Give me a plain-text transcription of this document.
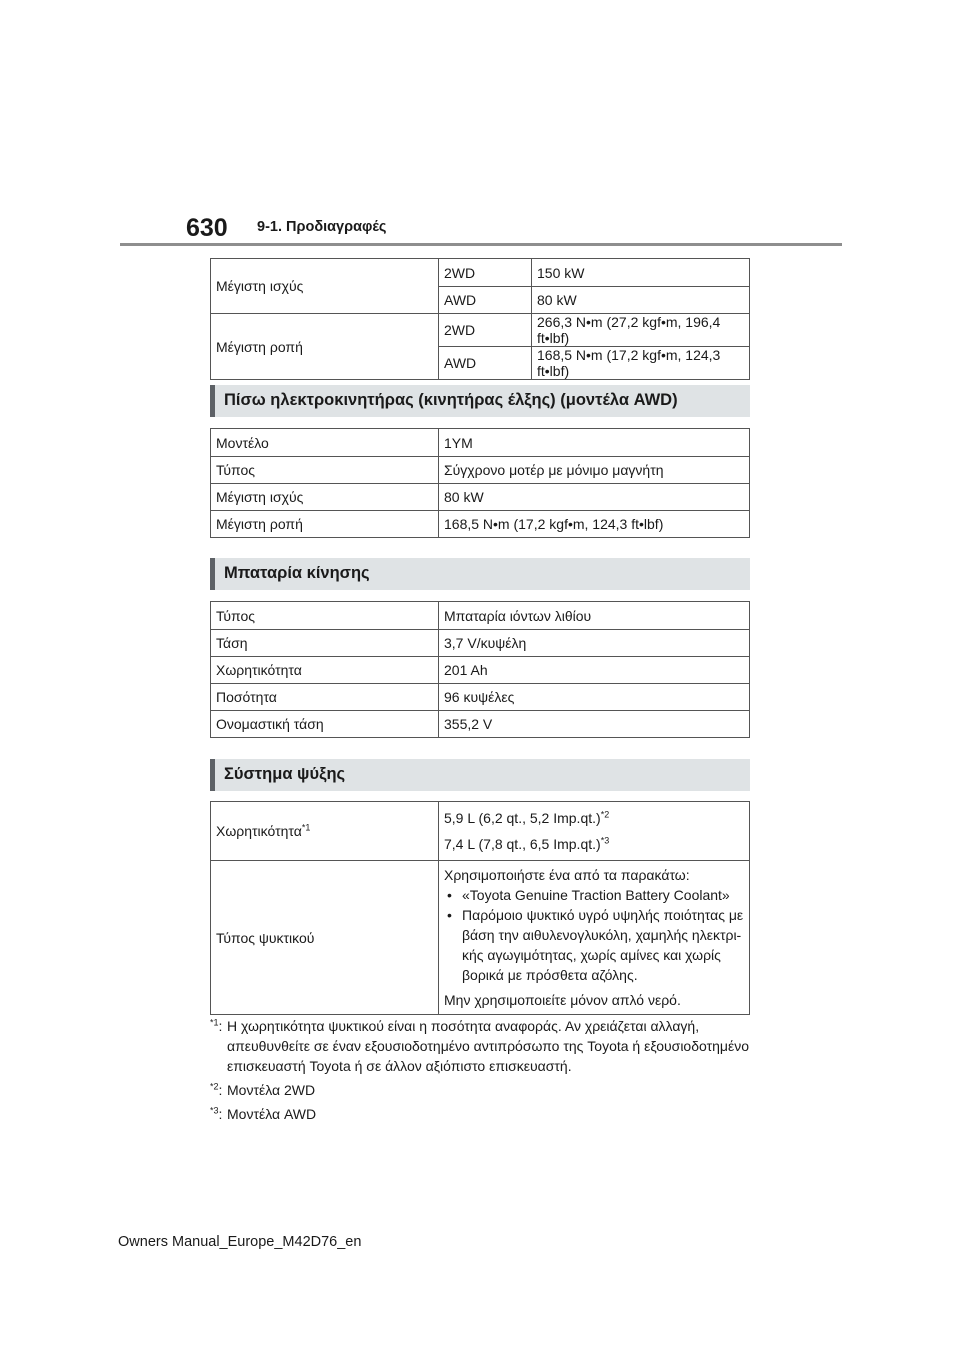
630 9-1. Προδιαγραφές
Μέγιστη ισχύς	2WD	150 kW
	AWD	80 kW
Μέγιστη ροπή	2WD	266,3 N•m (27,2 kgf•m, 196,4 ft•lbf)
	AWD	168,5 N•m (17,2 kgf•m, 124,3 ft•lbf)
Πίσω ηλεκτροκινητήρας (κινητήρας έλξης) (μοντέλα AWD)
Μοντέλο	1YM
Τύπος	Σύγχρονο μοτέρ με μόνιμο μαγνήτη
Μέγιστη ισχύς	80 kW
Μέγιστη ροπή	168,5 N•m (17,2 kgf•m, 124,3 ft•lbf)
Μπαταρία κίνησης
Τύπος	Μπαταρία ιόντων λιθίου
Τάση	3,7 V/κυψέλη
Χωρητικότητα	201 Ah
Ποσότητα	96 κυψέλες
Ονομαστική τάση	355,2 V
Σύστημα ψύξης
Χωρητικότητα$^{*1}$	5,9 L (6,2 qt., 5,2 Imp.qt.)$^{*2}$
7,4 L (7,8 qt., 6,5 Imp.qt.)$^{*3}$

Τύπος ψυκτικού	Χρησιμοποιήστε ένα από τα παρακάτω:
• «Toyota Genuine Traction Battery Coolant»
• Παρόμοιο ψυκτικό υγρό υψηλής ποιότητας με βάση την αιθυλενογλυκόλη, χαμηλής ηλεκτρι- κής αγωγιμότητας, χωρίς αμίνες και χωρίς βορικά με πρόσθετα αζόλης.
Μην χρησιμοποιείτε μόνον απλό νερό.
$^{*1}$: Η χωρητικότητα ψυκτικού είναι η ποσότητα αναφοράς. Αν χρειάζεται αλλαγή, απευθυνθείτε σε έναν εξουσιοδοτημένο αντιπρόσωπο της Toyota ή εξουσιοδοτημένο επισκευαστή Toyota ή σε άλλον αξιόπιστο επισκευαστή.
$^{*2}$: Μοντέλα 2WD
$^{*3}$: Μοντέλα AWD
Owners Manual_Europe_M42D76_en
